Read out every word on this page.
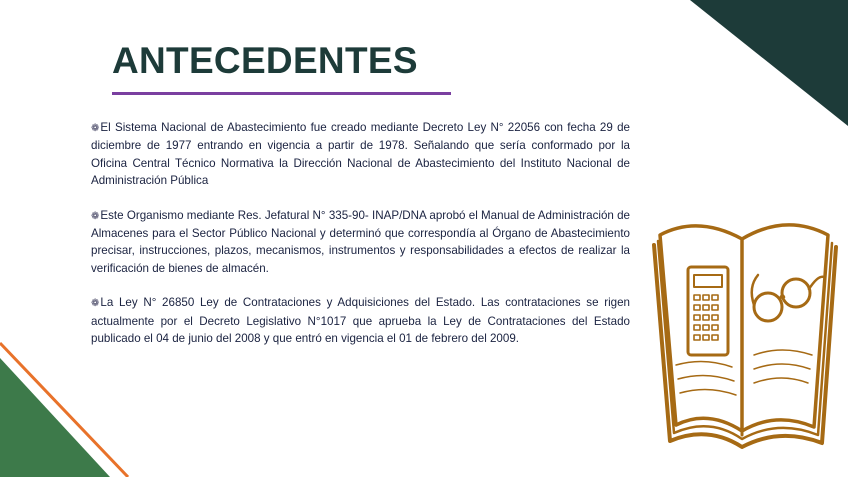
ANTECEDENTES

❁El Sistema Nacional de Abastecimiento fue creado mediante Decreto Ley N° 22056 con fecha 29 de diciembre de 1977 entrando en vigencia a partir de 1978. Señalando que sería conformado por la Oficina Central Técnico Normativa la Dirección Nacional de Abastecimiento del Instituto Nacional de Administración Pública

❁Este Organismo mediante Res. Jefatural N° 335-90- INAP/DNA aprobó el Manual de Administración de Almacenes para el Sector Público Nacional y determinó que correspondía al Órgano de Abastecimiento precisar, instrucciones, plazos, mecanismos, instrumentos y responsabilidades a efectos de realizar la verificación de bienes de almacén.

❁La Ley N° 26850 Ley de Contrataciones y Adquisiciones del Estado. Las contrataciones se rigen actualmente por el Decreto Legislativo N°1017 que aprueba la Ley de Contrataciones del Estado publicado el 04 de junio del 2008 y que entró en vigencia el 01 de febrero del 2009.
